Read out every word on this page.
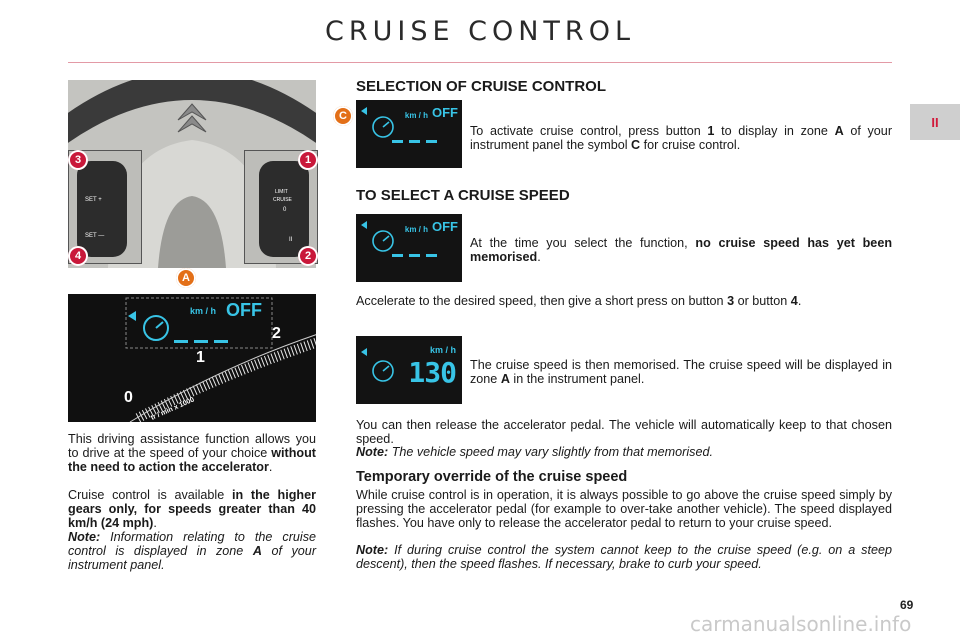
CRUISE CONTROL
II
SET +
SET —
LIMIT
CRUISE
0
II
3	1
4	2
A
km / h OFF
0
1
2
tr / min x 1000
This driving assistance function allows you to drive at the speed of your choice without the need to action the accelerator.
Cruise control is available in the higher gears only, for speeds greater than 40 km/h (24 mph).
Note: Information relating to the cruise control is displayed in zone A of your instrument panel.
SELECTION OF CRUISE CONTROL
C	km / h OFF
To activate cruise control, press button 1 to display in zone A of your instrument panel the symbol C for cruise control.
TO SELECT A CRUISE SPEED
km / h OFF
At the time you select the function, no cruise speed has yet been memorised.
Accelerate to the desired speed, then give a short press on button 3 or button 4.
km / h
130 The cruise speed is then memorised. The cruise speed will be displayed in zone A in the instrument panel.
You can then release the accelerator pedal. The vehicle will automatically keep to that chosen speed.
Note: The vehicle speed may vary slightly from that memorised.
Temporary override of the cruise speed
While cruise control is in operation, it is always possible to go above the cruise speed simply by pressing the accelerator pedal (for example to over-take another vehicle). The speed displayed flashes. You have only to release the accelerator pedal to return to your cruise speed.
Note: If during cruise control the system cannot keep to the cruise speed (e.g. on a steep descent), then the speed flashes. If necessary, brake to curb your speed.
69
carmanualsonline.info
